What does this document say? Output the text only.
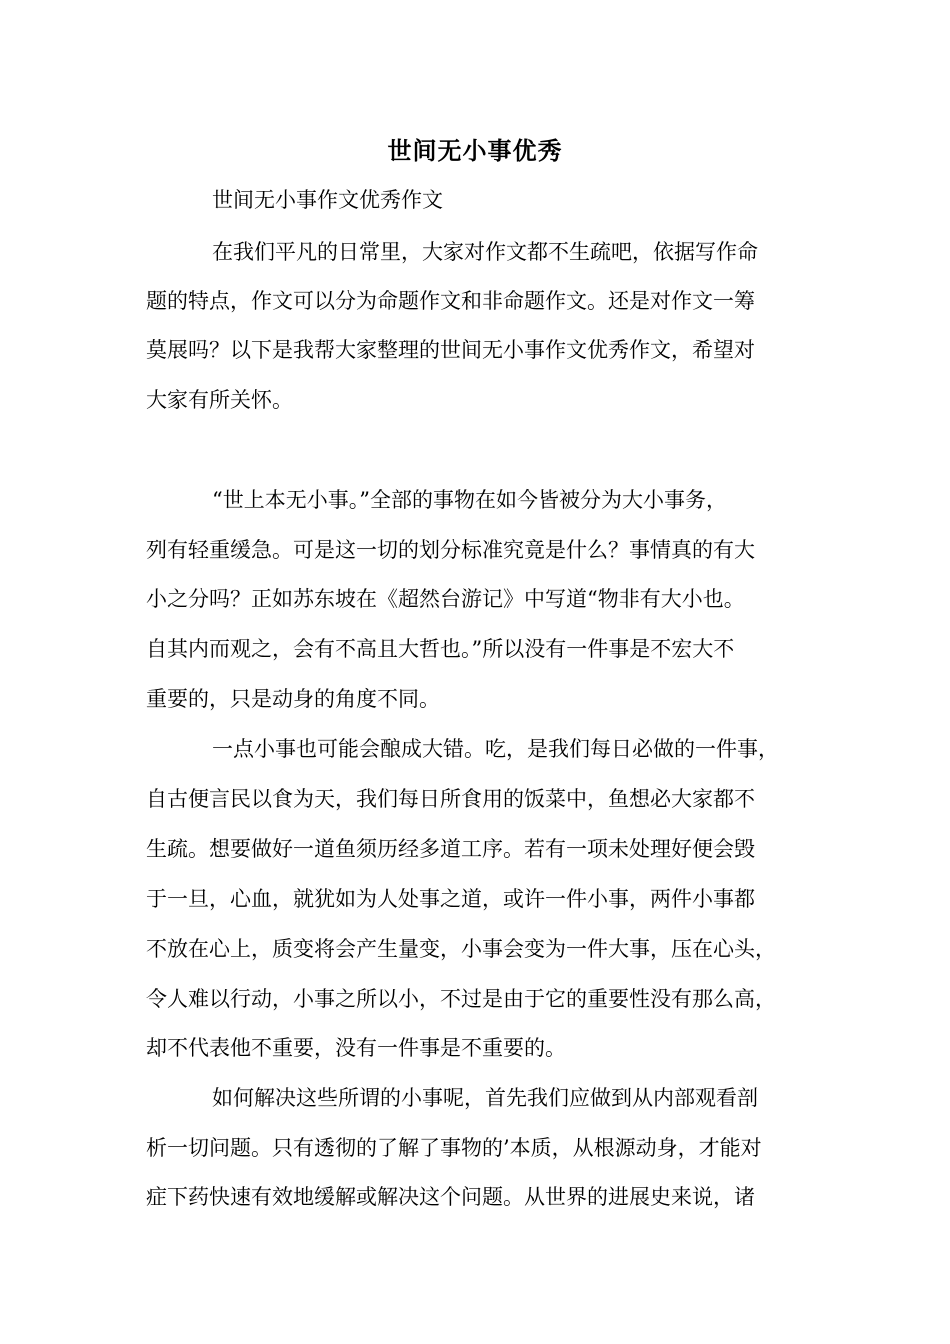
世间无小事优秀
世间无小事作文优秀作文
在我们平凡的日常里，大家对作文都不生疏吧，依据写作命
题的特点，作文可以分为命题作文和非命题作文。还是对作文一筹
莫展吗？以下是我帮大家整理的世间无小事作文优秀作文，希望对
大家有所关怀。
“世上本无小事。”全部的事物在如今皆被分为大小事务，
列有轻重缓急。可是这一切的划分标准究竟是什么？事情真的有大
小之分吗？正如苏东坡在《超然台游记》中写道“物非有大小也。
自其内而观之，会有不高且大哲也。”所以没有一件事是不宏大不
重要的，只是动身的角度不同。
一点小事也可能会酿成大错。吃，是我们每日必做的一件事，
自古便言民以食为天，我们每日所食用的饭菜中，鱼想必大家都不
生疏。想要做好一道鱼须历经多道工序。若有一项未处理好便会毁
于一旦，心血，就犹如为人处事之道，或许一件小事，两件小事都
不放在心上，质变将会产生量变，小事会变为一件大事，压在心头，
令人难以行动，小事之所以小，不过是由于它的重要性没有那么高，
却不代表他不重要，没有一件事是不重要的。
如何解决这些所谓的小事呢，首先我们应做到从内部观看剖
析一切问题。只有透彻的了解了事物的’本质，从根源动身，才能对
症下药快速有效地缓解或解决这个问题。从世界的进展史来说，诸
